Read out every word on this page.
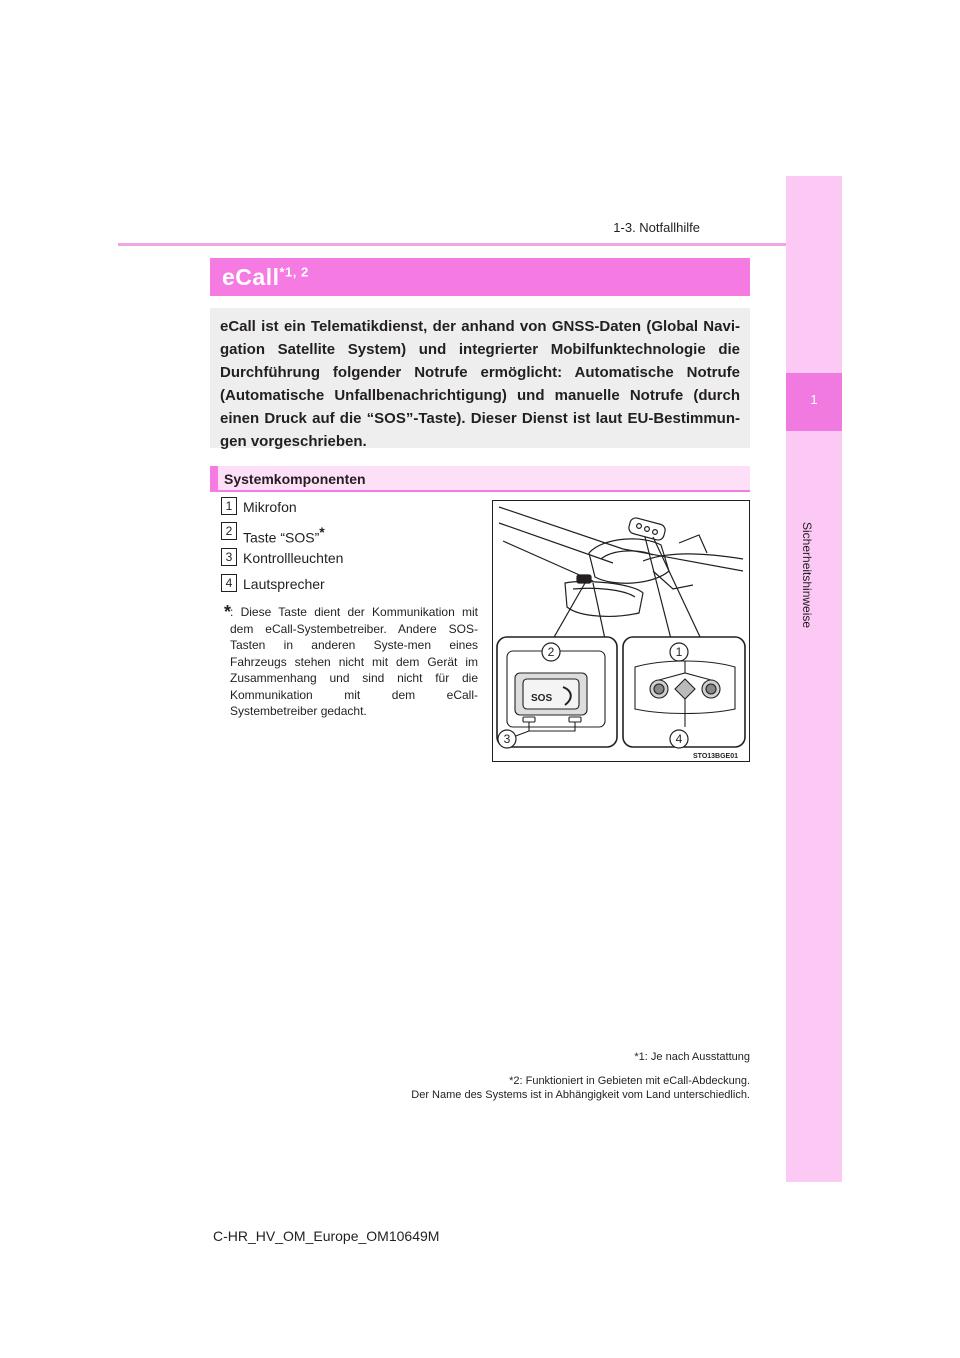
1-3. Notfallhilfe
1
Sicherheitshinweise
eCall$^{*1, 2}$
eCall ist ein Telematikdienst, der anhand von GNSS-Daten (Global Navi-gation Satellite System) und integrierter Mobilfunktechnologie die Durchführung folgender Notrufe ermöglicht: Automatische Notrufe (Automatische Unfallbenachrichtigung) und manuelle Notrufe (durch einen Druck auf die “SOS”-Taste). Dieser Dienst ist laut EU-Bestimmun-gen vorgeschrieben.
Systemkomponenten
1 Mikrofon
2 Taste “SOS”*
3 Kontrollleuchten
4 Lautsprecher
*
: Diese Taste dient der Kommunikation mit dem eCall-Systembetreiber. Andere SOS-Tasten in anderen Syste-men eines Fahrzeugs stehen nicht mit dem Gerät im Zusammenhang und sind nicht für die Kommunikation mit dem eCall-Systembetreiber gedacht.
SOS
2	1
3	4
STO13BGE01
*1: Je nach Ausstattung
*2: Funktioniert in Gebieten mit eCall-Abdeckung.
Der Name des Systems ist in Abhängigkeit vom Land unterschiedlich.
C-HR_HV_OM_Europe_OM10649M
